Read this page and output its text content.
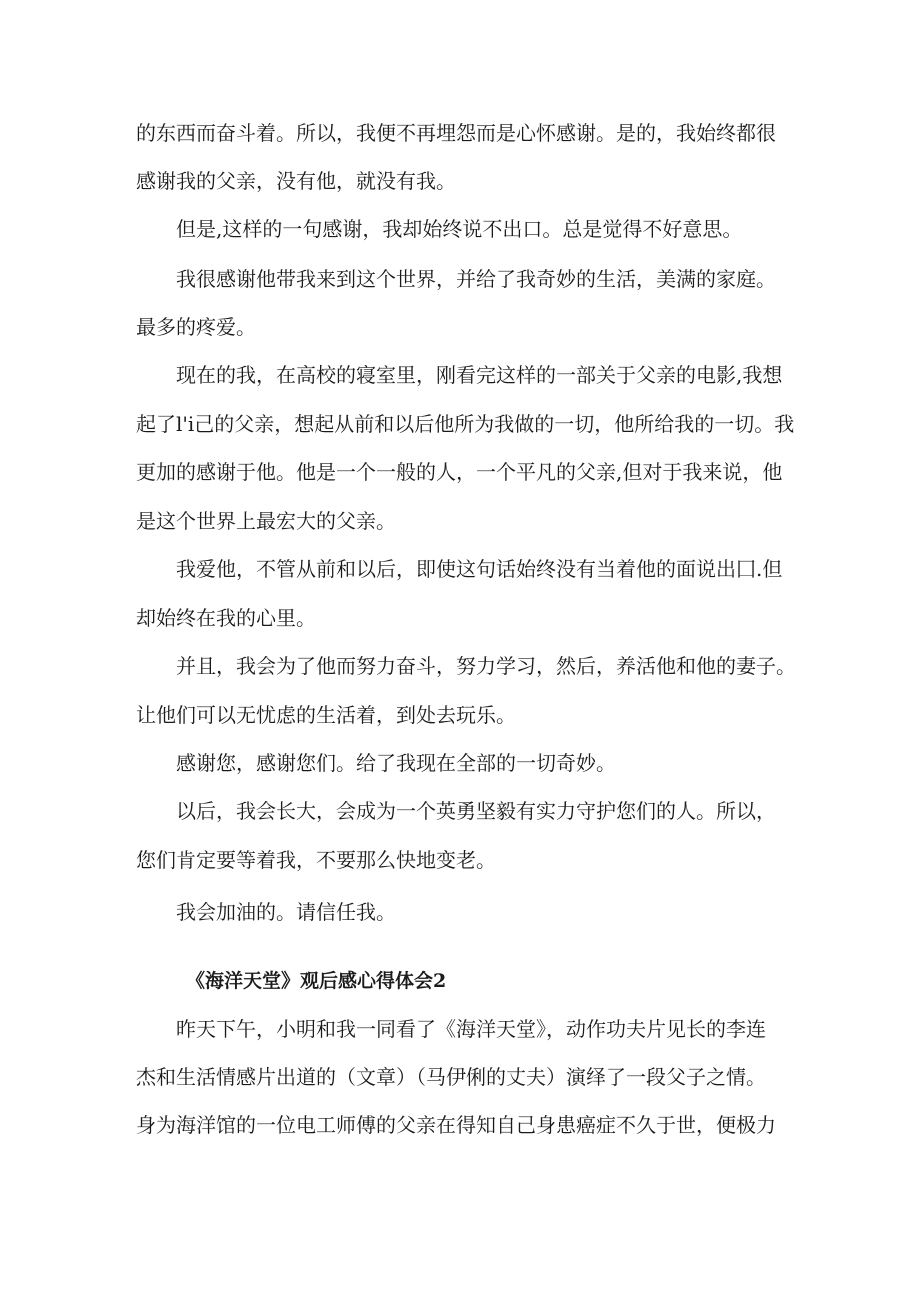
的东西而奋斗着。所以，我便不再埋怨而是心怀感谢。是的，我始终都很

感谢我的父亲，没有他，就没有我。

但是,这样的一句感谢，我却始终说不出口。总是觉得不好意思。

我很感谢他带我来到这个世界，并给了我奇妙的生活，美满的家庭。

最多的疼爱。

现在的我，在高校的寝室里，刚看完这样的一部关于父亲的电影,我想

起了l'i己的父亲，想起从前和以后他所为我做的一切，他所给我的一切。我

更加的感谢于他。他是一个一般的人，一个平凡的父亲,但对于我来说，他

是这个世界上最宏大的父亲。

我爱他，不管从前和以后，即使这句话始终没有当着他的面说出囗.但

却始终在我的心里。

并且，我会为了他而努力奋斗，努力学习，然后，养活他和他的妻子。

让他们可以无忧虑的生活着，到处去玩乐。

感谢您，感谢您们。给了我现在全部的一切奇妙。

以后，我会长大，会成为一个英勇坚毅有实力守护您们的人。所以，

您们肯定要等着我，不要那么快地变老。

我会加油的。请信任我。

《海洋天堂》观后感心得体会2

昨天下午，小明和我一同看了《海洋天堂》，动作功夫片见长的李连

杰和生活情感片出道的（文章）（马伊俐的丈夫）演绎了一段父子之情。

身为海洋馆的一位电工师傅的父亲在得知自己身患癌症不久于世，便极力
